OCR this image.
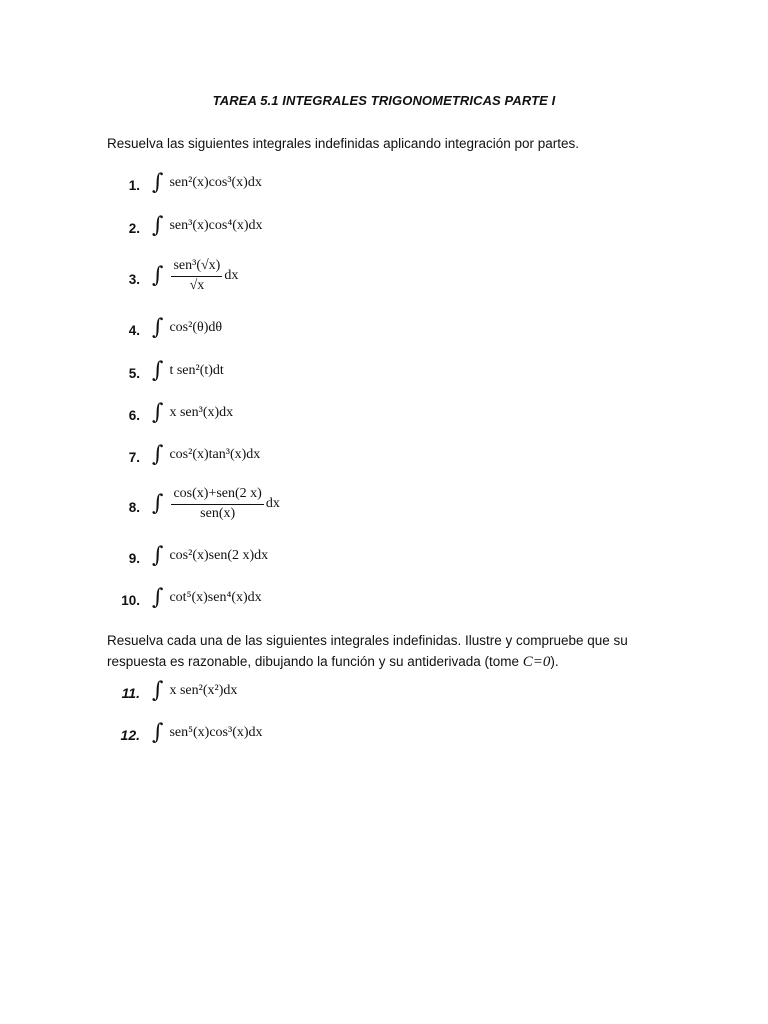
TAREA 5.1 INTEGRALES TRIGONOMETRICAS PARTE I
Resuelva las siguientes integrales indefinidas aplicando integración por partes.
1. ∫ sen²(x)cos³(x)dx
2. ∫ sen³(x)cos⁴(x)dx
3. ∫ $\frac{\text{sen³(√x)}}{√x}$ dx
4. ∫ cos²(θ)dθ
5. ∫ t sen²(t)dt
6. ∫ x sen³(x)dx
7. ∫ cos²(x)tan³(x)dx
8. ∫ $\frac{\text{cos(x)+sen(2 x)}}{\text{sen(x)}}$ dx
9. ∫ cos²(x)sen(2 x)dx
10. ∫ cot⁵(x)sen⁴(x)dx
Resuelva cada una de las siguientes integrales indefinidas. Ilustre y compruebe que su
respuesta es razonable, dibujando la función y su antiderivada (tome C=0).
11. ∫ x sen²(x²)dx
12. ∫ sen⁵(x)cos³(x)dx
